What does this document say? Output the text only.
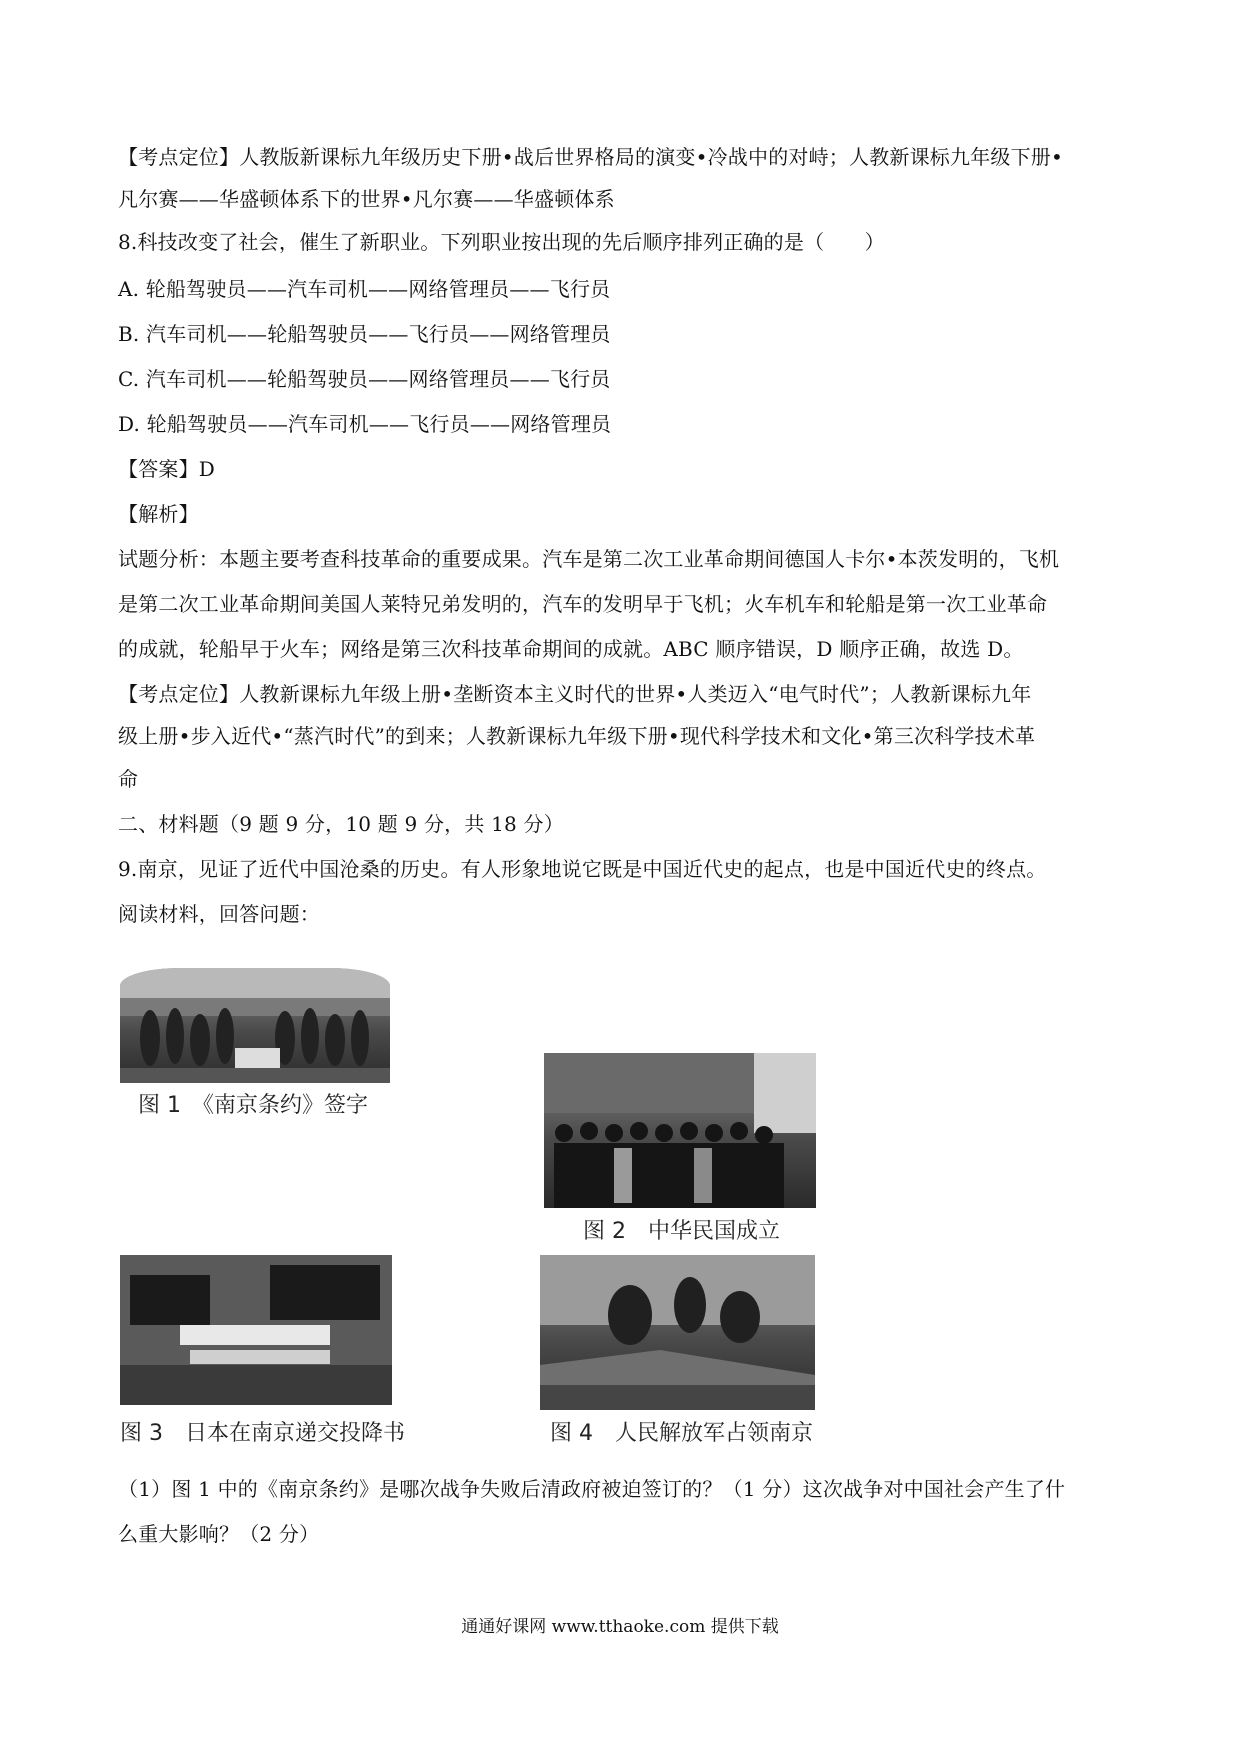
【考点定位】人教版新课标九年级历史下册•战后世界格局的演变•冷战中的对峙；人教新课标九年级下册•
凡尔赛——华盛顿体系下的世界•凡尔赛——华盛顿体系
8.科技改变了社会，催生了新职业。下列职业按出现的先后顺序排列正确的是（　　）
A. 轮船驾驶员——汽车司机——网络管理员——飞行员
B. 汽车司机——轮船驾驶员——飞行员——网络管理员
C. 汽车司机——轮船驾驶员——网络管理员——飞行员
D. 轮船驾驶员——汽车司机——飞行员——网络管理员
【答案】D
【解析】
试题分析：本题主要考查科技革命的重要成果。汽车是第二次工业革命期间德国人卡尔•本茨发明的，飞机
是第二次工业革命期间美国人莱特兄弟发明的，汽车的发明早于飞机；火车机车和轮船是第一次工业革命
的成就，轮船早于火车；网络是第三次科技革命期间的成就。ABC 顺序错误，D 顺序正确，故选 D。
【考点定位】人教新课标九年级上册•垄断资本主义时代的世界•人类迈入“电气时代”；人教新课标九年
级上册•步入近代•“蒸汽时代”的到来；人教新课标九年级下册•现代科学技术和文化•第三次科学技术革
命
二、材料题（9 题 9 分，10 题 9 分，共 18 分）
9.南京，见证了近代中国沧桑的历史。有人形象地说它既是中国近代史的起点，也是中国近代史的终点。
阅读材料，回答问题：
图 1　《南京条约》签字
图 2　中华民国成立
图 3　日本在南京递交投降书	图 4　人民解放军占领南京
（1）图 1 中的《南京条约》是哪次战争失败后清政府被迫签订的？（1 分）这次战争对中国社会产生了什
么重大影响？（2 分）
通通好课网 www.tthaoke.com 提供下载
